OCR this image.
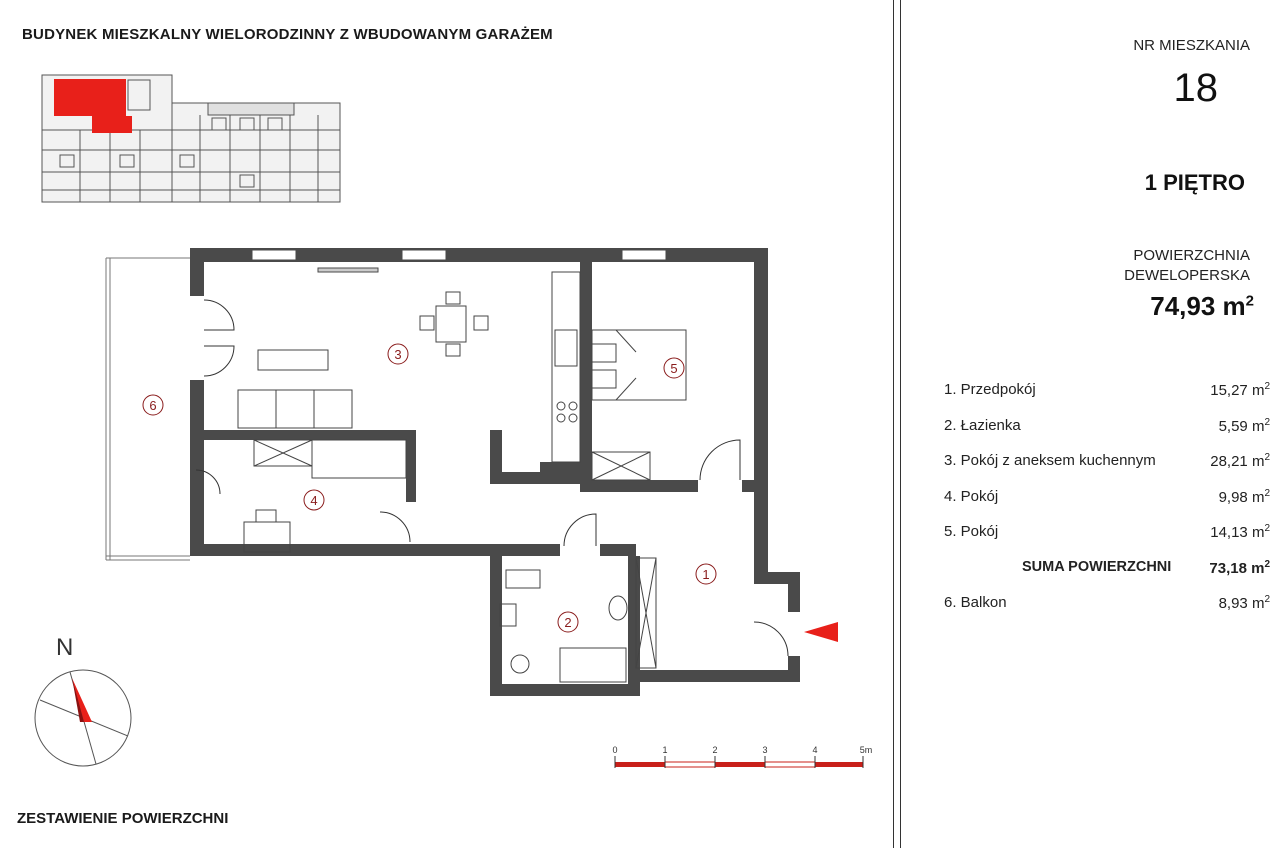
BUDYNEK MIESZKALNY WIELORODZINNY Z WBUDOWANYM GARAŻEM
ZESTAWIENIE POWIERZCHNI
1
2
3
4
5
6
0	1	2	3	4	5m
N
NR MIESZKANIA
18
1 PIĘTRO
POWIERZCHNIA
DEWELOPERSKA
74,93 $m^2$
1. Przedpokój	15,27 $m^2$
2. Łazienka	5,59 $m^2$
3. Pokój z aneksem kuchennym	28,21 $m^2$
4. Pokój	9,98 $m^2$
5. Pokój	14,13 $m^2$
SUMA POWIERZCHNI	73,18 $m^2$
6. Balkon	8,93 $m^2$
